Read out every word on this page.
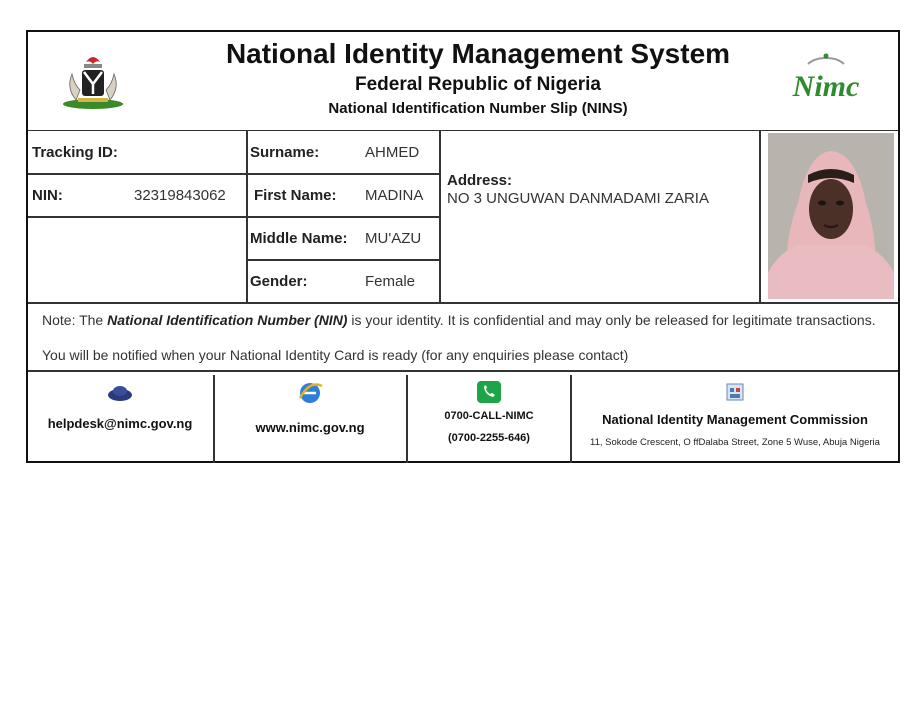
National Identity Management System
Federal Republic of Nigeria
National Identification Number Slip (NINS)
Nimc
Tracking ID:
NIN:	32319843062
Surname:	AHMED
First Name: MADINA
Middle Name: MU'AZU
Gender:	Female
Address:
NO 3 UNGUWAN DANMADAMI ZARIA
Note: The National Identification Number (NIN) is your identity. It is confidential and may only be released for legitimate transactions.
You will be notified when your National Identity Card is ready (for any enquiries please contact)
helpdesk@nimc.gov.ng	www.nimc.gov.ng
0700-CALL-NIMC
(0700-2255-646)
National Identity Management Commission
11, Sokode Crescent, O ffDalaba Street, Zone 5 Wuse, Abuja Nigeria
